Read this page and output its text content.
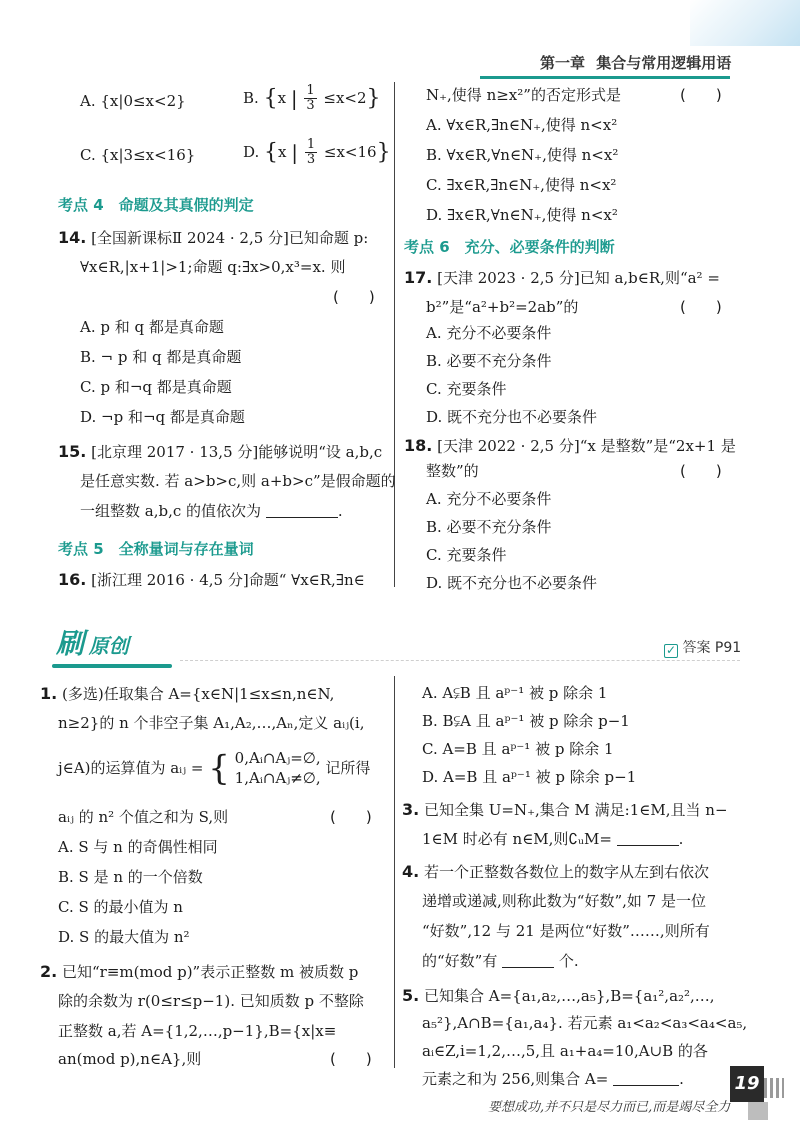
第一章 集合与常用逻辑用语
A. {x|0≤x<2}	B. {x | $\frac{1}{3} \le x<2$}
C. {x|3≤x<16}	D. {x | $\frac{1}{3} \le x<16$}
考点 4　命题及其真假的判定
14. [全国新课标Ⅱ 2024 · 2,5 分]已知命题 p:
∀x∈R,|x+1|>1;命题 q:∃x>0,x³=x. 则
(　　)
A. p 和 q 都是真命题
B. ¬ p 和 q 都是真命题
C. p 和¬q 都是真命题
D. ¬p 和¬q 都是真命题
15. [北京理 2017 · 13,5 分]能够说明“设 a,b,c
是任意实数. 若 a>b>c,则 a+b>c”是假命题的
一组整数 a,b,c 的值依次为	.
考点 5　全称量词与存在量词
16. [浙江理 2016 · 4,5 分]命题“ ∀x∈R,∃n∈
N₊,使得 n≥x²”的否定形式是	(　　)
A. ∀x∈R,∃n∈N₊,使得 n<x²
B. ∀x∈R,∀n∈N₊,使得 n<x²
C. ∃x∈R,∃n∈N₊,使得 n<x²
D. ∃x∈R,∀n∈N₊,使得 n<x²
考点 6　充分、必要条件的判断
17. [天津 2023 · 2,5 分]已知 a,b∈R,则“a² =
b²”是“a²+b²=2ab”的	(　　)
A. 充分不必要条件
B. 必要不充分条件
C. 充要条件
D. 既不充分也不必要条件
18. [天津 2022 · 2,5 分]“x 是整数”是“2x+1 是
整数”的	(　　)
A. 充分不必要条件
B. 必要不充分条件
C. 充要条件
D. 既不充分也不必要条件
刷 原创	✓ 答案 P91
1. (多选)任取集合 A={x∈N|1≤x≤n,n∈N,
n≥2}的 n 个非空子集 A₁,A₂,…,Aₙ,定义 aᵢⱼ(i,
j∈A)的运算值为 aᵢⱼ = { 0,Aᵢ∩Aⱼ=∅,
1,Aᵢ∩Aⱼ≠∅,
记所得
aᵢⱼ 的 n² 个值之和为 S,则	(　　)
A. S 与 n 的奇偶性相同
B. S 是 n 的一个倍数
C. S 的最小值为 n
D. S 的最大值为 n²
2. 已知“r≡m(mod p)”表示正整数 m 被质数 p
除的余数为 r(0≤r≤p−1). 已知质数 p 不整除
正整数 a,若 A={1,2,…,p−1},B={x|x≡
an(mod p),n∈A},则	(　　)
A. A⫋B 且 aᵖ⁻¹ 被 p 除余 1
B. B⫋A 且 aᵖ⁻¹ 被 p 除余 p−1
C. A=B 且 aᵖ⁻¹ 被 p 除余 1
D. A=B 且 aᵖ⁻¹ 被 p 除余 p−1
3. 已知全集 U=N₊,集合 M 满足:1∈M,且当 n−
1∈M 时必有 n∈M,则∁ᵤM=	.
4. 若一个正整数各数位上的数字从左到右依次
递增或递减,则称此数为“好数”,如 7 是一位
“好数”,12 与 21 是两位“好数”……,则所有
的“好数”有	个.
5. 已知集合 A={a₁,a₂,…,a₅},B={a₁²,a₂²,…,
a₅²},A∩B={a₁,a₄}. 若元素 a₁<a₂<a₃<a₄<a₅,
aᵢ∈Z,i=1,2,…,5,且 a₁+a₄=10,A∪B 的各
元素之和为 256,则集合 A=	.
要想成功,并不只是尽力而已,而是竭尽全力
19
